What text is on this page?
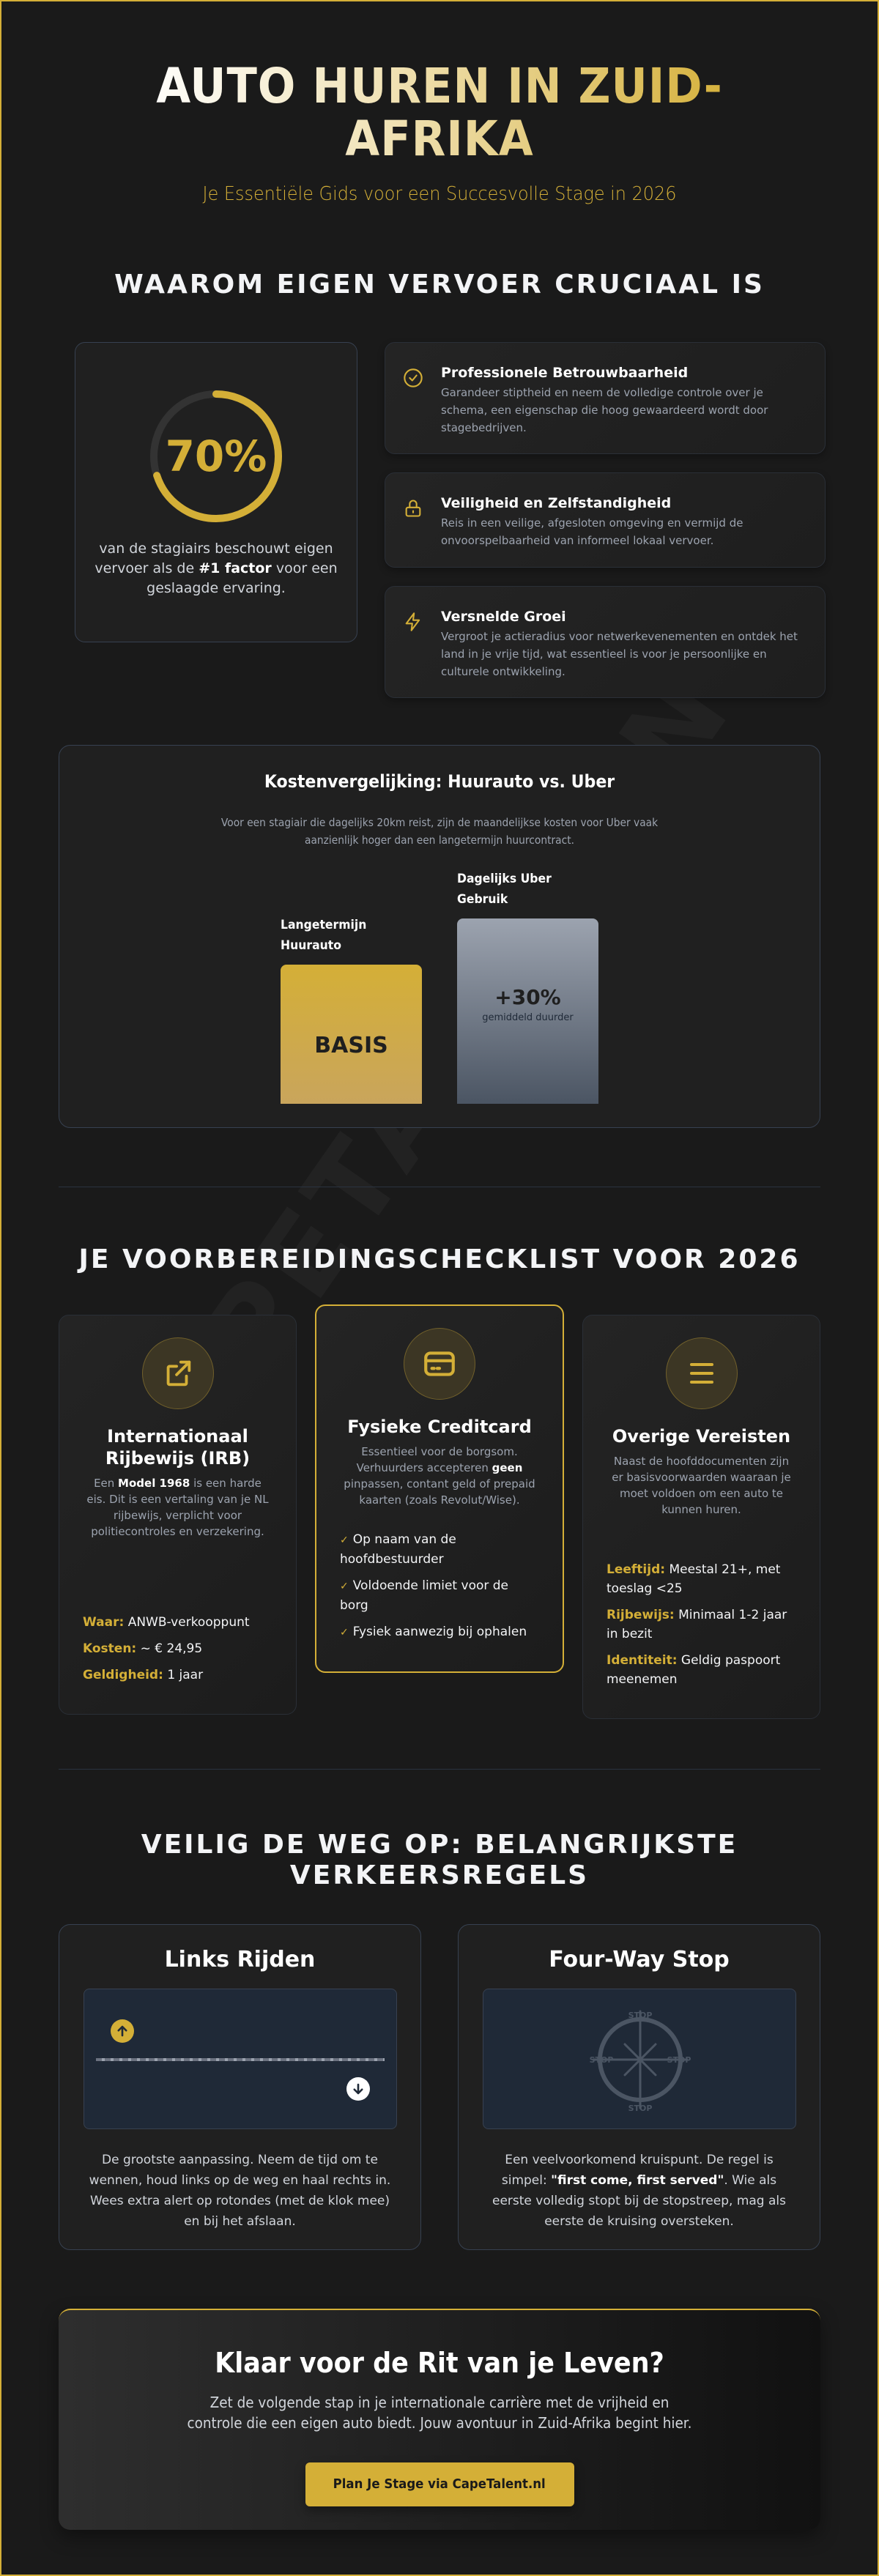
AUTO HUREN IN ZUID-AFRIKA
Je Essentiële Gids voor een Succesvolle Stage in 2026
WAAROM EIGEN VERVOER CRUCIAAL IS
70%
van de stagiairs beschouwt eigen vervoer als de #1 factor voor een geslaagde ervaring.
Professionele Betrouwbaarheid

Garandeer stiptheid en neem de volledige controle over je schema, een eigenschap die hoog gewaardeerd wordt door stagebedrijven.

Veiligheid en Zelfstandigheid

Reis in een veilige, afgesloten omgeving en vermijd de onvoorspelbaarheid van informeel lokaal vervoer.

Versnelde Groei

Vergroot je actieradius voor netwerkevenementen en ontdek het land in je vrije tijd, wat essentieel is voor je persoonlijke en culturele ontwikkeling.

Kostenvergelijking: Huurauto vs. Uber

Voor een stagiair die dagelijks 20km reist, zijn de maandelijkse kosten voor Uber vaak aanzienlijk hoger dan een langetermijn huurcontract.

Langetermijn Huurauto
BASIS
Dagelijks Uber Gebruik
+30%
gemiddeld duurder
JE VOORBEREIDINGSCHECKLIST VOOR 2026
Internationaal Rijbewijs (IRB)

Een Model 1968 is een harde eis. Dit is een vertaling van je NL rijbewijs, verplicht voor politiecontroles en verzekering.

Waar: ANWB-verkooppunt
Kosten: ~ € 24,95
Geldigheid: 1 jaar
Fysieke Creditcard

Essentieel voor de borgsom. Verhuurders accepteren geen pinpassen, contant geld of prepaid kaarten (zoals Revolut/Wise).

✓ Op naam van de hoofdbestuurder
✓ Voldoende limiet voor de borg
✓ Fysiek aanwezig bij ophalen
Overige Vereisten

Naast de hoofddocumenten zijn er basisvoorwaarden waaraan je moet voldoen om een auto te kunnen huren.

Leeftijd: Meestal 21+, met toeslag <25
Rijbewijs: Minimaal 1-2 jaar in bezit
Identiteit: Geldig paspoort meenemen
VEILIG DE WEG OP: BELANGRIJKSTE VERKEERSREGELS
Links Rijden

De grootste aanpassing. Neem de tijd om te wennen, houd links op de weg en haal rechts in. Wees extra alert op rotondes (met de klok mee) en bij het afslaan.

Four-Way Stop
STOP
STOP
STOP	STOP

Een veelvoorkomend kruispunt. De regel is simpel: "first come, first served". Wie als eerste volledig stopt bij de stopstreep, mag als eerste de kruising oversteken.

Klaar voor de Rit van je Leven?

Zet de volgende stap in je internationale carrière met de vrijheid en controle die een eigen auto biedt. Jouw avontuur in Zuid-Afrika begint hier.

Plan Je Stage via CapeTalent.nl
